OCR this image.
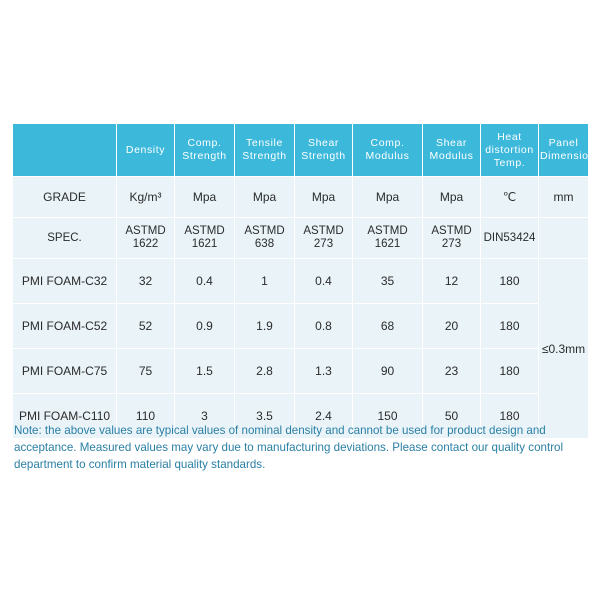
	Density	Comp. Strength	Tensile Strength	Shear Strength	Comp. Modulus	Shear Modulus	Heat distortion Temp.	Panel Dimension
GRADE	Kg/m³	Mpa	Mpa	Mpa	Mpa	Mpa	℃	mm
SPEC.	ASTMD 1622	ASTMD 1621	ASTMD 638	ASTMD 273	ASTMD 1621	ASTMD 273	DIN53424	
PMI FOAM-C32	32	0.4	1	0.4	35	12	180	≤0.3mm
PMI FOAM-C52	52	0.9	1.9	0.8	68	20	180	
PMI FOAM-C75	75	1.5	2.8	1.3	90	23	180	
PMI FOAM-C110	110	3	3.5	2.4	150	50	180	
Note: the above values are typical values of nominal density and cannot be used for product design and acceptance. Measured values may vary due to manufacturing deviations. Please contact our quality control department to confirm material quality standards.
